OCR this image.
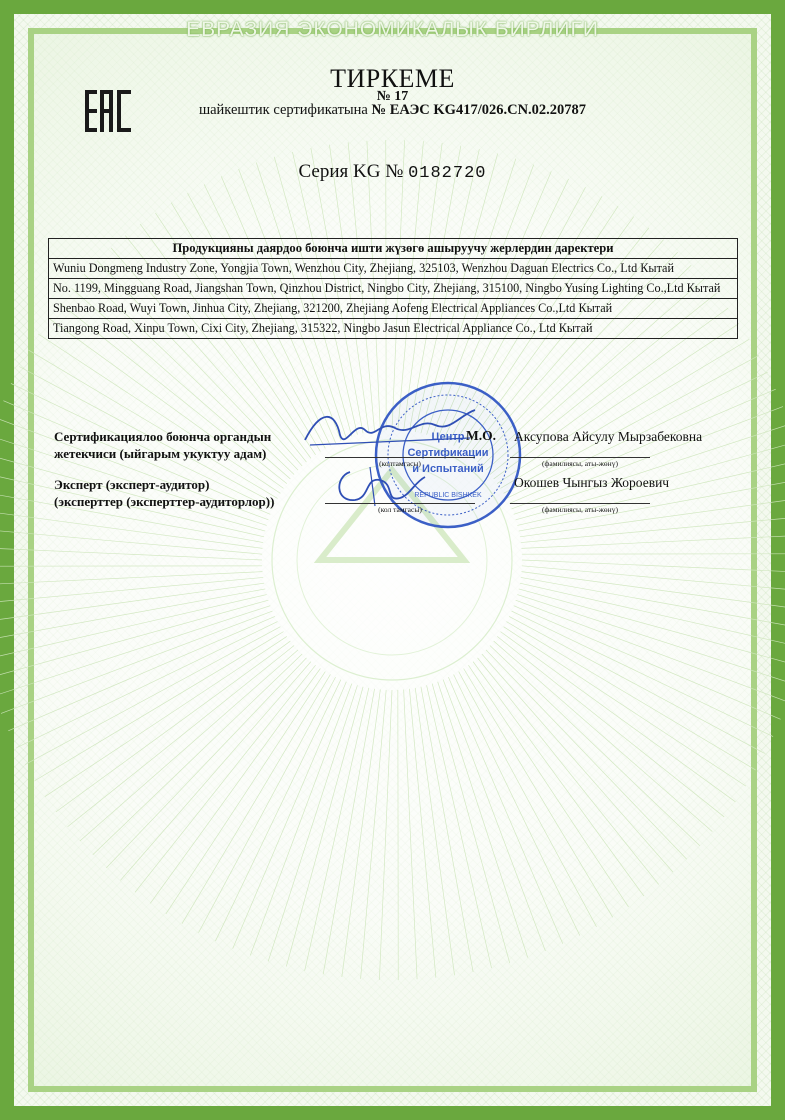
ЕВРАЗИЯ ЭКОНОМИКАЛЫК БИРЛИГИ
ТИРКЕМЕ
№ 17
шайкештик сертификатына № ЕАЭС KG417/026.CN.02.20787
Серия KG № 0182720
Продукцияны даярдоо боюнча ишти жүзөгө ашыруучу жерлердин даректери
Wuniu Dongmeng Industry Zone, Yongjia Town, Wenzhou City, Zhejiang, 325103, Wenzhou Daguan Electrics Co., Ltd Кытай
No. 1199, Mingguang Road, Jiangshan Town, Qinzhou District, Ningbo City, Zhejiang, 315100, Ningbo Yusing Lighting Co.,Ltd Кытай
Shenbao Road, Wuyi Town, Jinhua City, Zhejiang, 321200, Zhejiang Aofeng Electrical Appliances Co.,Ltd Кытай
Tiangong Road, Xinpu Town, Cixi City, Zhejiang, 315322, Ningbo Jasun Electrical Appliance Co., Ltd Кытай
Центр
Сертификации
и Испытаний
REPUBLIC BISHKEK
Сертификациялоо боюнча органдын
жетекчиси (ыйгарым укуктуу адам)
М.О. Аксупова Айсулу Мырзабековна
(колтамгасы)	(фамилиясы, аты-жөнү)
Эксперт (эксперт-аудитор)
(эксперттер (эксперттер-аудиторлор))
Окошев Чынгыз Жороевич
(кол тамгасы)	(фамилиясы, аты-жөнү)
